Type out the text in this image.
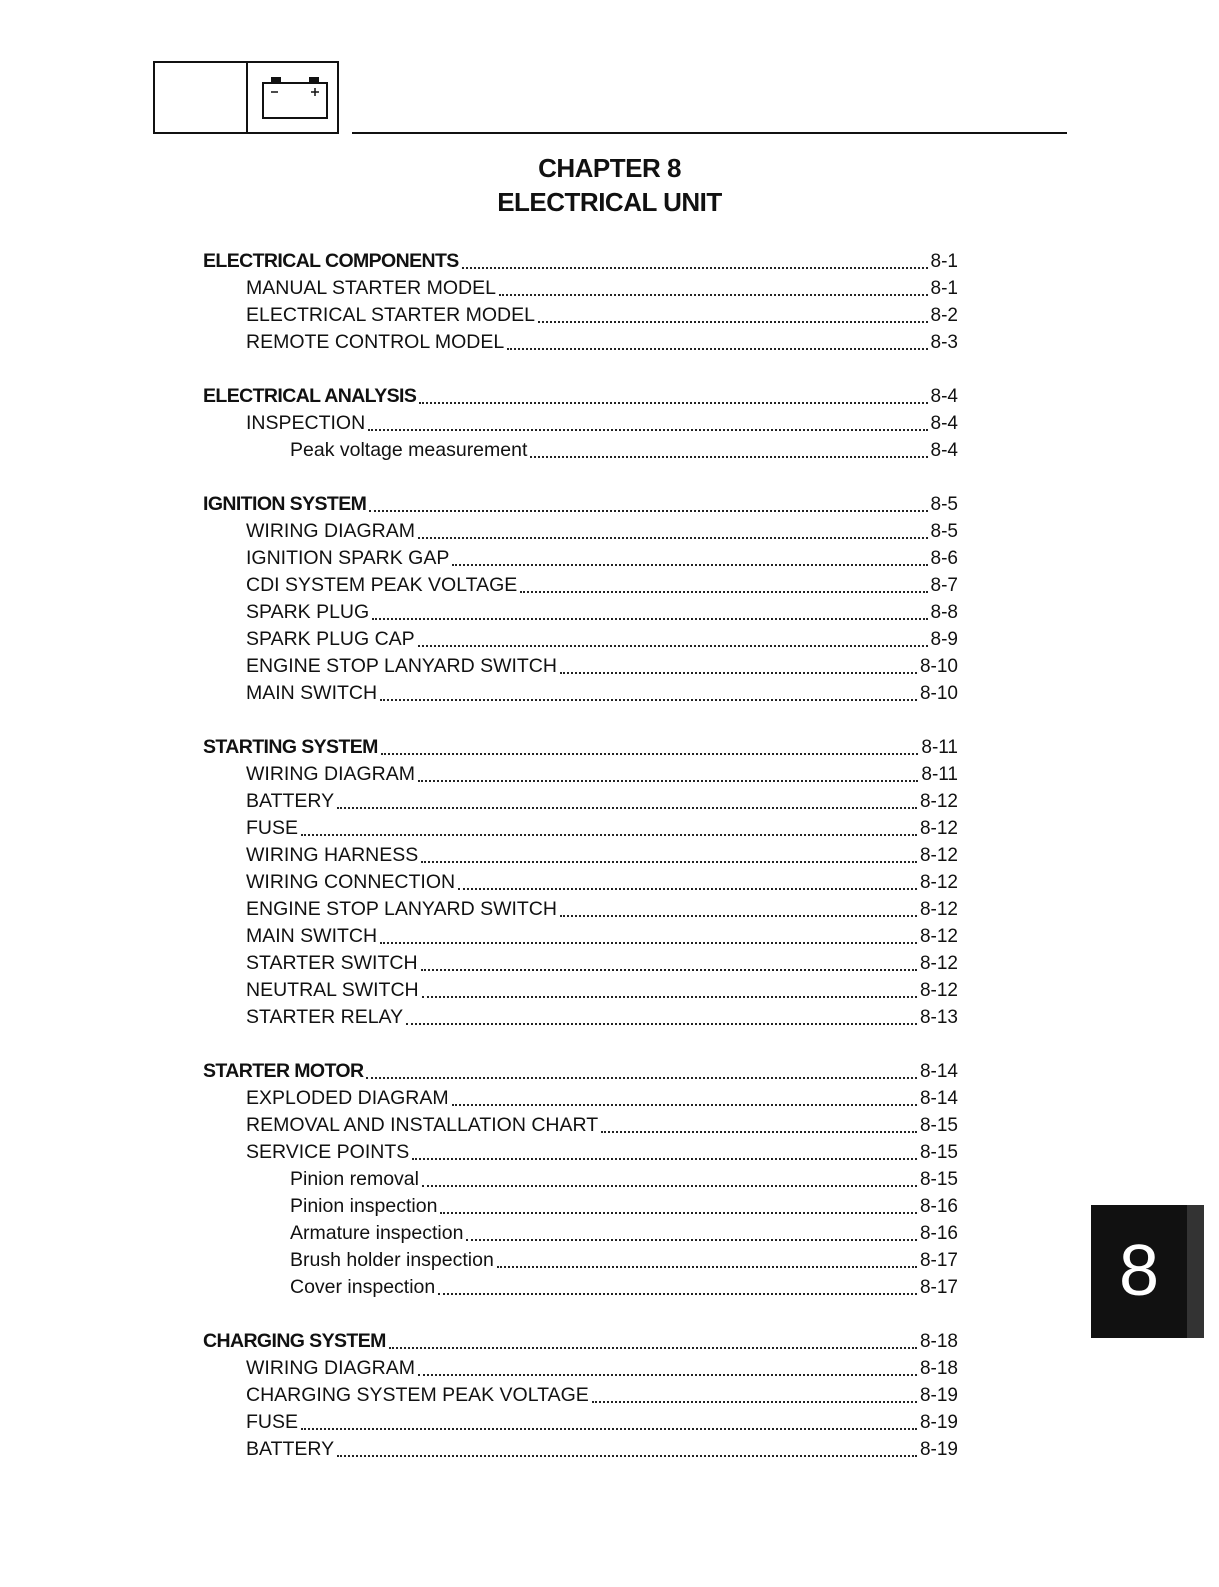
CHAPTER 8
ELECTRICAL UNIT
ELECTRICAL COMPONENTS	8-1
MANUAL STARTER MODEL	8-1
ELECTRICAL STARTER MODEL	8-2
REMOTE CONTROL MODEL	8-3
ELECTRICAL ANALYSIS	8-4
INSPECTION	8-4
Peak voltage measurement	8-4
IGNITION SYSTEM	8-5
WIRING DIAGRAM	8-5
IGNITION SPARK GAP	8-6
CDI SYSTEM PEAK VOLTAGE	8-7
SPARK PLUG	8-8
SPARK PLUG CAP	8-9
ENGINE STOP LANYARD SWITCH	8-10
MAIN SWITCH	8-10
STARTING SYSTEM	8-11
WIRING DIAGRAM	8-11
BATTERY	8-12
FUSE	8-12
WIRING HARNESS	8-12
WIRING CONNECTION	8-12
ENGINE STOP LANYARD SWITCH	8-12
MAIN SWITCH	8-12
STARTER SWITCH	8-12
NEUTRAL SWITCH	8-12
STARTER RELAY	8-13
STARTER MOTOR	8-14
EXPLODED DIAGRAM	8-14
REMOVAL AND INSTALLATION CHART	8-15
SERVICE POINTS	8-15
Pinion removal	8-15
Pinion inspection	8-16
Armature inspection	8-16
Brush holder inspection	8-17
Cover inspection	8-17
CHARGING SYSTEM	8-18
WIRING DIAGRAM	8-18
CHARGING SYSTEM PEAK VOLTAGE	8-19
FUSE	8-19
BATTERY	8-19
8
